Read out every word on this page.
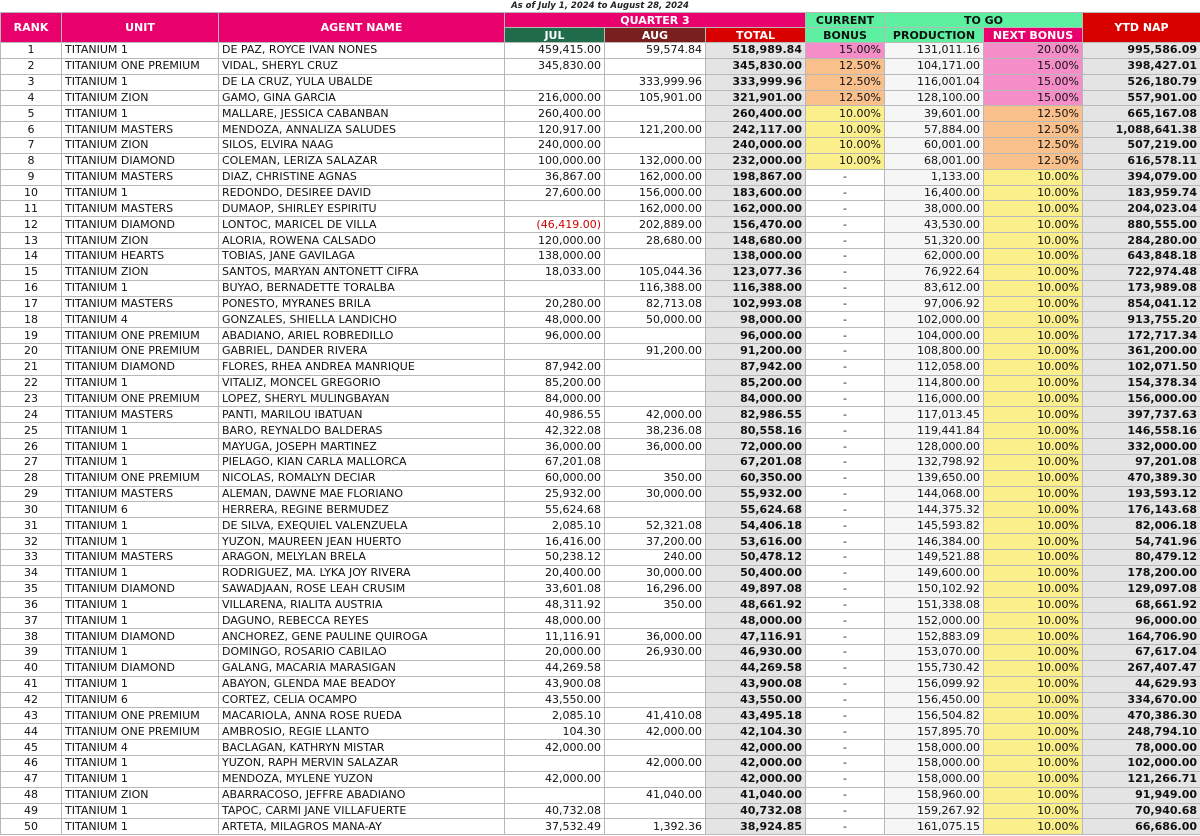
As of July 1, 2024 to August 28, 2024
RANK	UNIT	AGENT NAME	QUARTER 3			CURRENT	TO GO		YTD NAP
			JUL	AUG	TOTAL	BONUS	PRODUCTION	NEXT BONUS	
1	TITANIUM 1	DE PAZ, ROYCE IVAN NONES	459,415.00	59,574.84	518,989.84	15.00%	131,011.16	20.00%	995,586.09
2	TITANIUM ONE PREMIUM	VIDAL, SHERYL CRUZ	345,830.00		345,830.00	12.50%	104,171.00	15.00%	398,427.01
3	TITANIUM 1	DE LA CRUZ, YULA UBALDE		333,999.96	333,999.96	12.50%	116,001.04	15.00%	526,180.79
4	TITANIUM ZION	GAMO, GINA GARCIA	216,000.00	105,901.00	321,901.00	12.50%	128,100.00	15.00%	557,901.00
5	TITANIUM 1	MALLARE, JESSICA CABANBAN	260,400.00		260,400.00	10.00%	39,601.00	12.50%	665,167.08
6	TITANIUM MASTERS	MENDOZA, ANNALIZA SALUDES	120,917.00	121,200.00	242,117.00	10.00%	57,884.00	12.50%	1,088,641.38
7	TITANIUM ZION	SILOS, ELVIRA NAAG	240,000.00		240,000.00	10.00%	60,001.00	12.50%	507,219.00
8	TITANIUM DIAMOND	COLEMAN, LERIZA SALAZAR	100,000.00	132,000.00	232,000.00	10.00%	68,001.00	12.50%	616,578.11
9	TITANIUM MASTERS	DIAZ, CHRISTINE AGNAS	36,867.00	162,000.00	198,867.00	-	1,133.00	10.00%	394,079.00
10	TITANIUM 1	REDONDO, DESIREE DAVID	27,600.00	156,000.00	183,600.00	-	16,400.00	10.00%	183,959.74
11	TITANIUM MASTERS	DUMAOP, SHIRLEY ESPIRITU		162,000.00	162,000.00	-	38,000.00	10.00%	204,023.04
12	TITANIUM DIAMOND	LONTOC, MARICEL DE VILLA	(46,419.00)	202,889.00	156,470.00	-	43,530.00	10.00%	880,555.00
13	TITANIUM ZION	ALORIA, ROWENA CALSADO	120,000.00	28,680.00	148,680.00	-	51,320.00	10.00%	284,280.00
14	TITANIUM HEARTS	TOBIAS, JANE GAVILAGA	138,000.00		138,000.00	-	62,000.00	10.00%	643,848.18
15	TITANIUM ZION	SANTOS, MARYAN ANTONETT CIFRA	18,033.00	105,044.36	123,077.36	-	76,922.64	10.00%	722,974.48
16	TITANIUM 1	BUYAO, BERNADETTE TORALBA		116,388.00	116,388.00	-	83,612.00	10.00%	173,989.08
17	TITANIUM MASTERS	PONESTO, MYRANES BRILA	20,280.00	82,713.08	102,993.08	-	97,006.92	10.00%	854,041.12
18	TITANIUM 4	GONZALES, SHIELLA LANDICHO	48,000.00	50,000.00	98,000.00	-	102,000.00	10.00%	913,755.20
19	TITANIUM ONE PREMIUM	ABADIANO, ARIEL ROBREDILLO	96,000.00		96,000.00	-	104,000.00	10.00%	172,717.34
20	TITANIUM ONE PREMIUM	GABRIEL, DANDER RIVERA		91,200.00	91,200.00	-	108,800.00	10.00%	361,200.00
21	TITANIUM DIAMOND	FLORES, RHEA ANDREA MANRIQUE	87,942.00		87,942.00	-	112,058.00	10.00%	102,071.50
22	TITANIUM 1	VITALIZ, MONCEL GREGORIO	85,200.00		85,200.00	-	114,800.00	10.00%	154,378.34
23	TITANIUM ONE PREMIUM	LOPEZ, SHERYL MULINGBAYAN	84,000.00		84,000.00	-	116,000.00	10.00%	156,000.00
24	TITANIUM MASTERS	PANTI, MARILOU IBATUAN	40,986.55	42,000.00	82,986.55	-	117,013.45	10.00%	397,737.63
25	TITANIUM 1	BARO, REYNALDO BALDERAS	42,322.08	38,236.08	80,558.16	-	119,441.84	10.00%	146,558.16
26	TITANIUM 1	MAYUGA, JOSEPH MARTINEZ	36,000.00	36,000.00	72,000.00	-	128,000.00	10.00%	332,000.00
27	TITANIUM 1	PIELAGO, KIAN CARLA MALLORCA	67,201.08		67,201.08	-	132,798.92	10.00%	97,201.08
28	TITANIUM ONE PREMIUM	NICOLAS, ROMALYN DECIAR	60,000.00	350.00	60,350.00	-	139,650.00	10.00%	470,389.30
29	TITANIUM MASTERS	ALEMAN, DAWNE MAE FLORIANO	25,932.00	30,000.00	55,932.00	-	144,068.00	10.00%	193,593.12
30	TITANIUM 6	HERRERA, REGINE BERMUDEZ	55,624.68		55,624.68	-	144,375.32	10.00%	176,143.68
31	TITANIUM 1	DE SILVA, EXEQUIEL VALENZUELA	2,085.10	52,321.08	54,406.18	-	145,593.82	10.00%	82,006.18
32	TITANIUM 1	YUZON, MAUREEN JEAN HUERTO	16,416.00	37,200.00	53,616.00	-	146,384.00	10.00%	54,741.96
33	TITANIUM MASTERS	ARAGON, MELYLAN BRELA	50,238.12	240.00	50,478.12	-	149,521.88	10.00%	80,479.12
34	TITANIUM 1	RODRIGUEZ, MA. LYKA JOY RIVERA	20,400.00	30,000.00	50,400.00	-	149,600.00	10.00%	178,200.00
35	TITANIUM DIAMOND	SAWADJAAN, ROSE LEAH CRUSIM	33,601.08	16,296.00	49,897.08	-	150,102.92	10.00%	129,097.08
36	TITANIUM 1	VILLARENA, RIALITA AUSTRIA	48,311.92	350.00	48,661.92	-	151,338.08	10.00%	68,661.92
37	TITANIUM 1	DAGUNO, REBECCA REYES	48,000.00		48,000.00	-	152,000.00	10.00%	96,000.00
38	TITANIUM DIAMOND	ANCHOREZ, GENE PAULINE QUIROGA	11,116.91	36,000.00	47,116.91	-	152,883.09	10.00%	164,706.90
39	TITANIUM 1	DOMINGO, ROSARIO CABILAO	20,000.00	26,930.00	46,930.00	-	153,070.00	10.00%	67,617.04
40	TITANIUM DIAMOND	GALANG, MACARIA MARASIGAN	44,269.58		44,269.58	-	155,730.42	10.00%	267,407.47
41	TITANIUM 1	ABAYON, GLENDA MAE BEADOY	43,900.08		43,900.08	-	156,099.92	10.00%	44,629.93
42	TITANIUM 6	CORTEZ, CELIA OCAMPO	43,550.00		43,550.00	-	156,450.00	10.00%	334,670.00
43	TITANIUM ONE PREMIUM	MACARIOLA, ANNA ROSE RUEDA	2,085.10	41,410.08	43,495.18	-	156,504.82	10.00%	470,386.30
44	TITANIUM ONE PREMIUM	AMBROSIO, REGIE LLANTO	104.30	42,000.00	42,104.30	-	157,895.70	10.00%	248,794.10
45	TITANIUM 4	BACLAGAN, KATHRYN MISTAR	42,000.00		42,000.00	-	158,000.00	10.00%	78,000.00
46	TITANIUM 1	YUZON, RAPH MERVIN SALAZAR		42,000.00	42,000.00	-	158,000.00	10.00%	102,000.00
47	TITANIUM 1	MENDOZA, MYLENE YUZON	42,000.00		42,000.00	-	158,000.00	10.00%	121,266.71
48	TITANIUM ZION	ABARRACOSO, JEFFRE ABADIANO		41,040.00	41,040.00	-	158,960.00	10.00%	91,949.00
49	TITANIUM 1	TAPOC, CARMI JANE VILLAFUERTE	40,732.08		40,732.08	-	159,267.92	10.00%	70,940.68
50	TITANIUM 1	ARTETA, MILAGROS MANA-AY	37,532.49	1,392.36	38,924.85	-	161,075.15	10.00%	66,686.00
